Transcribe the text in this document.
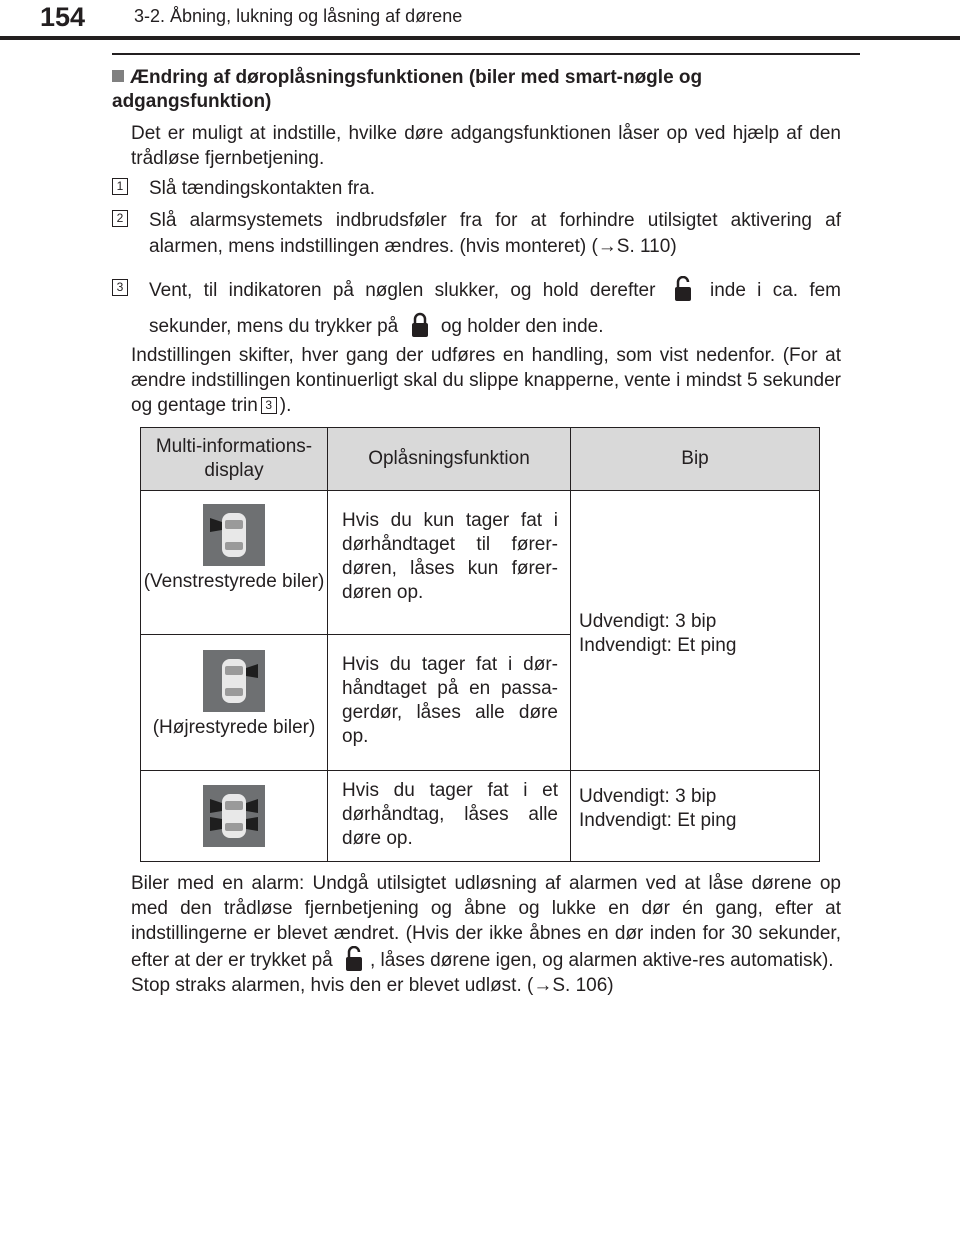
154	3-2. Åbning, lukning og låsning af dørene
Ændring af døroplåsningsfunktionen (biler med smart-nøgle og adgangsfunktion)
Det er muligt at indstille, hvilke døre adgangsfunktionen låser op ved hjælp af den trådløse fjernbetjening.
1 Slå tændingskontakten fra.
2 Slå alarmsystemets indbrudsføler fra for at forhindre utilsigtet aktivering af alarmen, mens indstillingen ændres. (hvis monteret) (→S. 110)
3 Vent, til indikatoren på nøglen slukker, og hold derefter	inde i ca. fem sekunder, mens du trykker på og holder den inde.
Indstillingen skifter, hver gang der udføres en handling, som vist nedenfor. (For at ændre indstillingen kontinuerligt skal du slippe knapperne, vente i mindst 5 sekunder og gentage trin 3 ).
Multi-informations-display	Oplåsningsfunktion	Bip

(Venstrestyrede biler)	Hvis du kun tager fat i dørhåndtaget til fører-døren, låses kun fører-døren op.	Udvendigt: 3 bip
Indvendigt: Et ping

(Højrestyrede biler)	Hvis du tager fat i dør-håndtaget på en passa-gerdør, låses alle døre op.	

	Hvis du tager fat i et dørhåndtag, låses alle døre op.	Udvendigt: 3 bip
Indvendigt: Et ping
Biler med en alarm: Undgå utilsigtet udløsning af alarmen ved at låse dørene op med den trådløse fjernbetjening og åbne og lukke en dør én gang, efter at indstillingerne er blevet ændret. (Hvis der ikke åbnes en dør inden for 30 sekunder, efter at der er trykket på , låses dørene igen, og alarmen aktive-res automatisk).
Stop straks alarmen, hvis den er blevet udløst. (→S. 106)
